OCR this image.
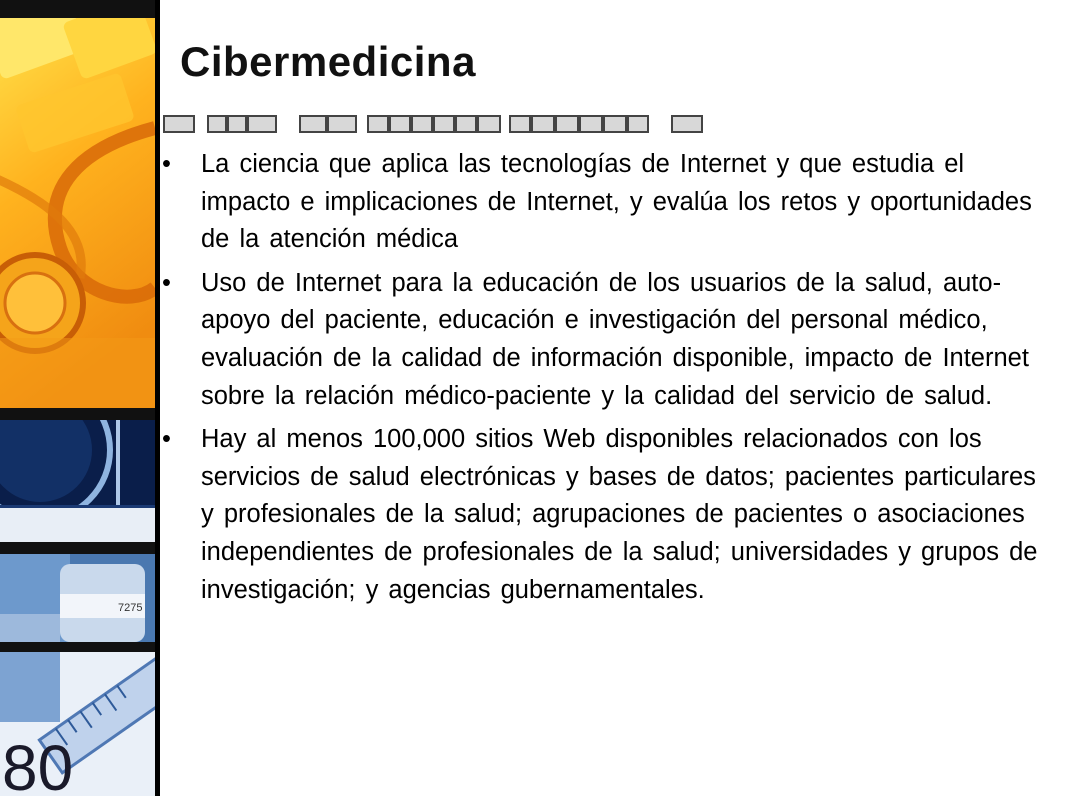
7275
80
Cibermedicina
• La ciencia que aplica las tecnologías de Internet y que estudia el impacto e implicaciones de Internet, y evalúa los retos y oportunidades de la atención médica
• Uso de Internet para la educación de los usuarios de la salud, auto-apoyo del paciente, educación e investigación del personal médico, evaluación de la calidad de información disponible, impacto de Internet sobre la relación médico-paciente y la calidad del servicio de salud.
• Hay al menos 100,000 sitios Web disponibles relacionados con los servicios de salud electrónicas y bases de datos; pacientes particulares y profesionales de la salud; agrupaciones de pacientes o asociaciones independientes de profesionales de la salud; universidades y grupos de investigación; y agencias gubernamentales.
